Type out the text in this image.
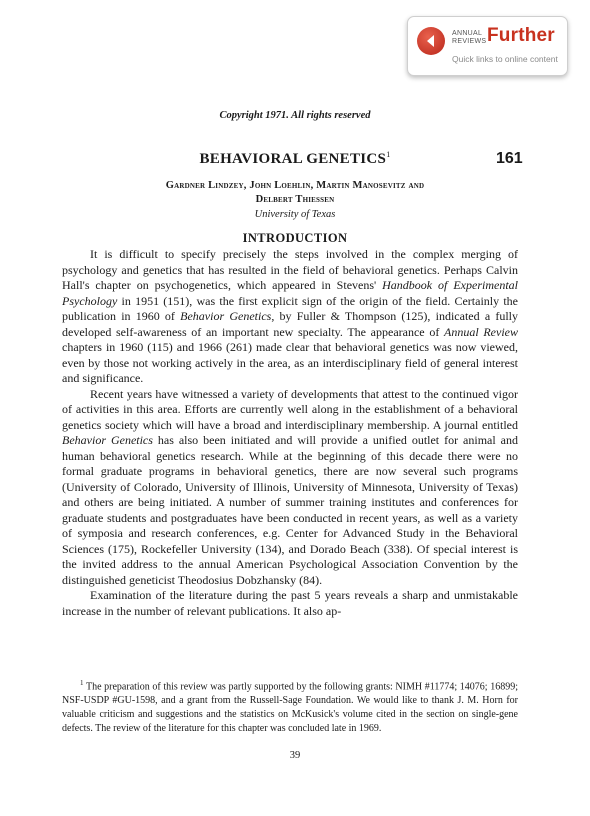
ANNUAL
REVIEWS Further
Quick links to online content
Copyright 1971. All rights reserved
BEHAVIORAL GENETICS$^1$	161
Gardner Lindzey, John Loehlin, Martin Manosevitz and
Delbert Thiessen
University of Texas
INTRODUCTION

It is difficult to specify precisely the steps involved in the complex merging of psychology and genetics that has resulted in the field of behavioral genetics. Perhaps Calvin Hall's chapter on psychogenetics, which appeared in Stevens' Handbook of Experimental Psychology in 1951 (151), was the first explicit sign of the origin of the field. Certainly the publication in 1960 of Behavior Genetics, by Fuller & Thompson (125), indicated a fully developed self-awareness of an important new specialty. The appearance of Annual Review chapters in 1960 (115) and 1966 (261) made clear that behavioral genetics was now viewed, even by those not working actively in the area, as an interdisciplinary field of general interest and significance.

Recent years have witnessed a variety of developments that attest to the continued vigor of activities in this area. Efforts are currently well along in the establishment of a behavioral genetics society which will have a broad and interdisciplinary membership. A journal entitled Behavior Genetics has also been initiated and will provide a unified outlet for animal and human behavioral genetics research. While at the beginning of this decade there were no formal graduate programs in behavioral genetics, there are now several such programs (University of Colorado, University of Illinois, University of Minnesota, University of Texas) and others are being initiated. A number of summer training institutes and conferences for graduate students and postgraduates have been conducted in recent years, as well as a variety of symposia and research conferences, e.g. Center for Advanced Study in the Behavioral Sciences (175), Rockefeller University (134), and Dorado Beach (338). Of special interest is the invited address to the annual American Psychological Association Convention by the distinguished geneticist Theodosius Dobzhansky (84).

Examination of the literature during the past 5 years reveals a sharp and unmistakable increase in the number of relevant publications. It also ap-

$^1$ The preparation of this review was partly supported by the following grants: NIMH #11774; 14076; 16899; NSF-USDP #GU-1598, and a grant from the Russell-Sage Foundation. We would like to thank J. M. Horn for valuable criticism and suggestions and the statistics on McKusick's volume cited in the section on single-gene defects. The review of the literature for this chapter was concluded late in 1969.

39
